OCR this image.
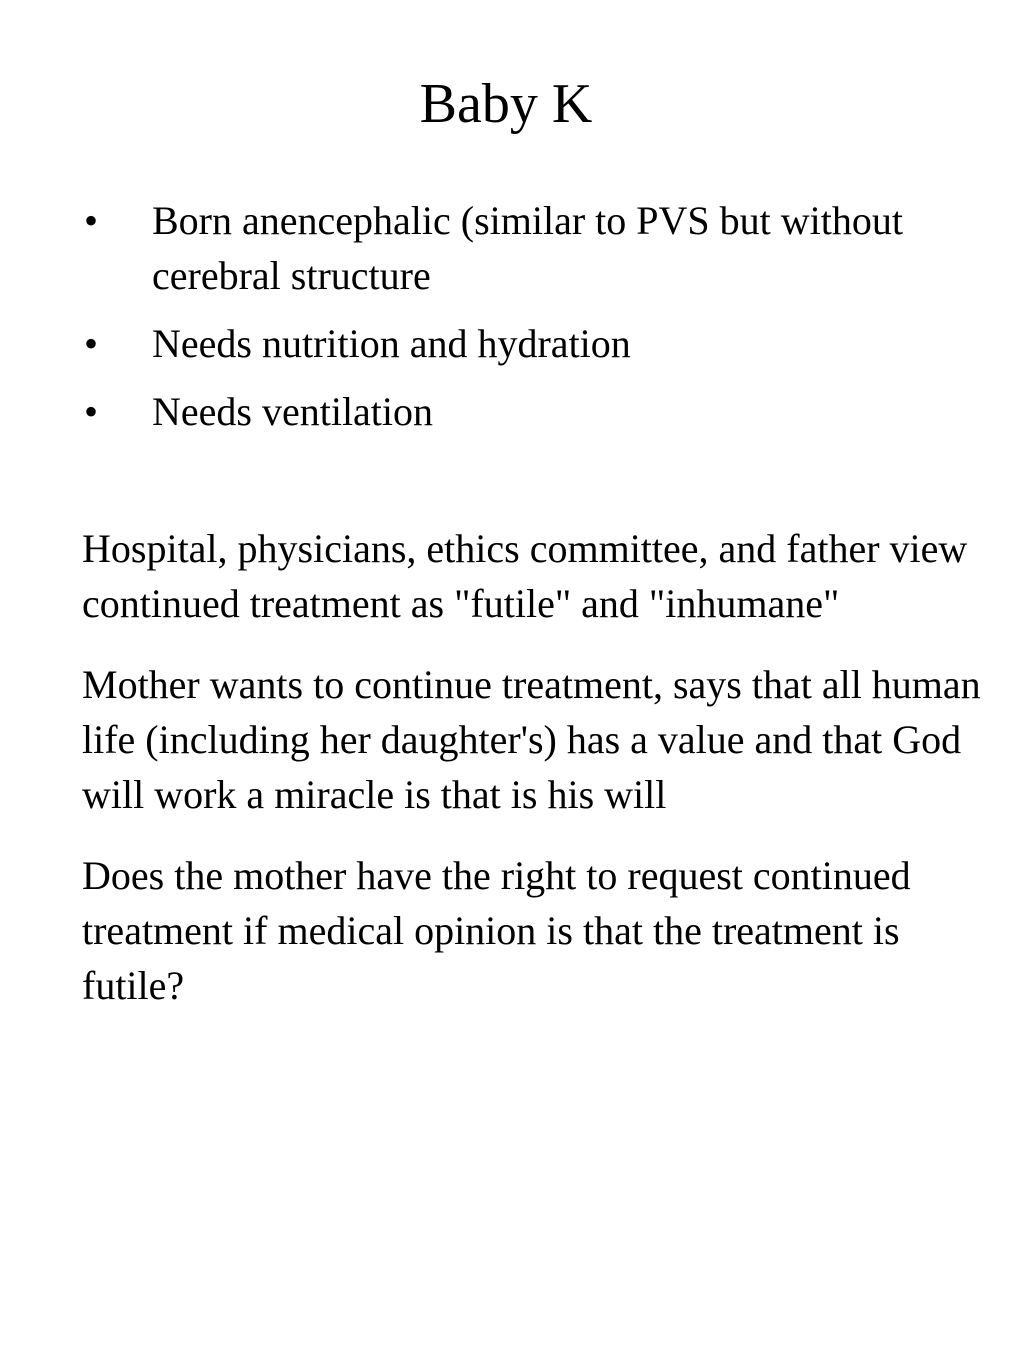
Baby K
• Born anencephalic (similar to PVS but without cerebral structure
• Needs nutrition and hydration
• Needs ventilation

Hospital, physicians, ethics committee, and father view continued treatment as "futile" and "inhumane"

Mother wants to continue treatment, says that all human life (including her daughter's) has a value and that God will work a miracle is that is his will

Does the mother have the right to request continued treatment if medical opinion is that the treatment is futile?
